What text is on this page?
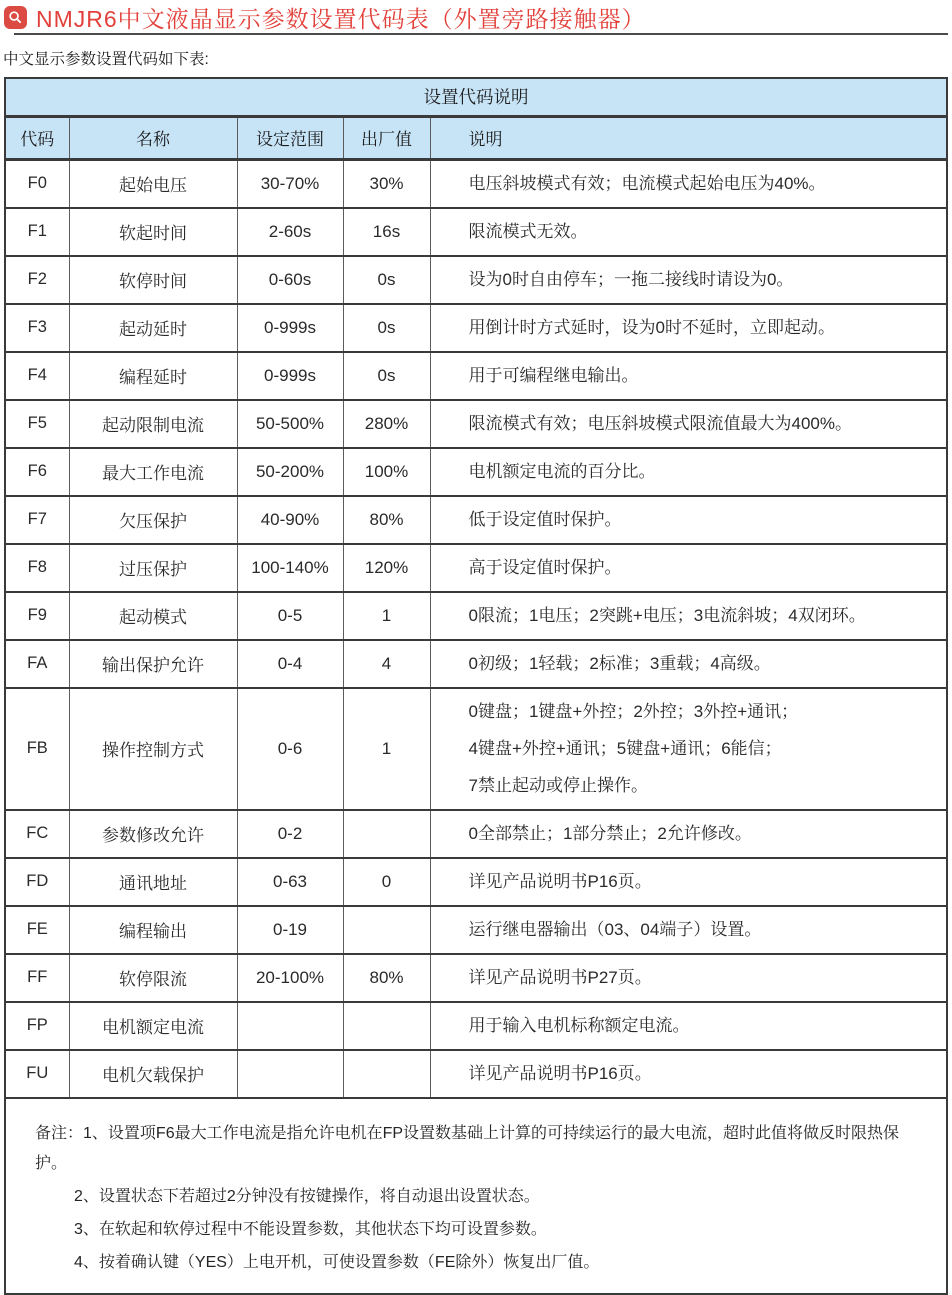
NMJR6中文液晶显示参数设置代码表（外置旁路接触器）

中文显示参数设置代码如下表:

设置代码说明				
代码	名称	设定范围	出厂值	说明
F0	起始电压	30-70%	30%	电压斜坡模式有效；电流模式起始电压为40%。

F1	软起时间	2-60s	16s	限流模式无效。

F2	软停时间	0-60s	0s	设为0时自由停车；一拖二接线时请设为0。

F3	起动延时	0-999s	0s	用倒计时方式延时，设为0时不延时，立即起动。

F4	编程延时	0-999s	0s	用于可编程继电输出。

F5	起动限制电流	50-500%	280%	限流模式有效；电压斜坡模式限流值最大为400%。

F6	最大工作电流	50-200%	100%	电机额定电流的百分比。

F7	欠压保护	40-90%	80%	低于设定值时保护。

F8	过压保护	100-140%	120%	高于设定值时保护。

F9	起动模式	0-5	1	0限流；1电压；2突跳+电压；3电流斜坡；4双闭环。

FA	输出保护允许	0-4	4	0初级；1轻载；2标准；3重载；4高级。

FB	操作控制方式	0-6	1	0键盘；1键盘+外控；2外控；3外控+通讯；
4键盘+外控+通讯；5键盘+通讯；6能信；
7禁止起动或停止操作。

FC	参数修改允许	0-2		0全部禁止；1部分禁止；2允许修改。

FD	通讯地址	0-63	0	详见产品说明书P16页。

FE	编程输出	0-19		运行继电器输出（03、04端子）设置。

FF	软停限流	20-100%	80%	详见产品说明书P27页。

FP	电机额定电流			用于输入电机标称额定电流。

FU	电机欠载保护			详见产品说明书P16页。

备注：1、设置项F6最大工作电流是指允许电机在FP设置数基础上计算的可持续运行的最大电流，超时此值将做反时限热保护。

2、设置状态下若超过2分钟没有按键操作，将自动退出设置状态。

3、在软起和软停过程中不能设置参数，其他状态下均可设置参数。

4、按着确认键（YES）上电开机，可使设置参数（FE除外）恢复出厂值。
